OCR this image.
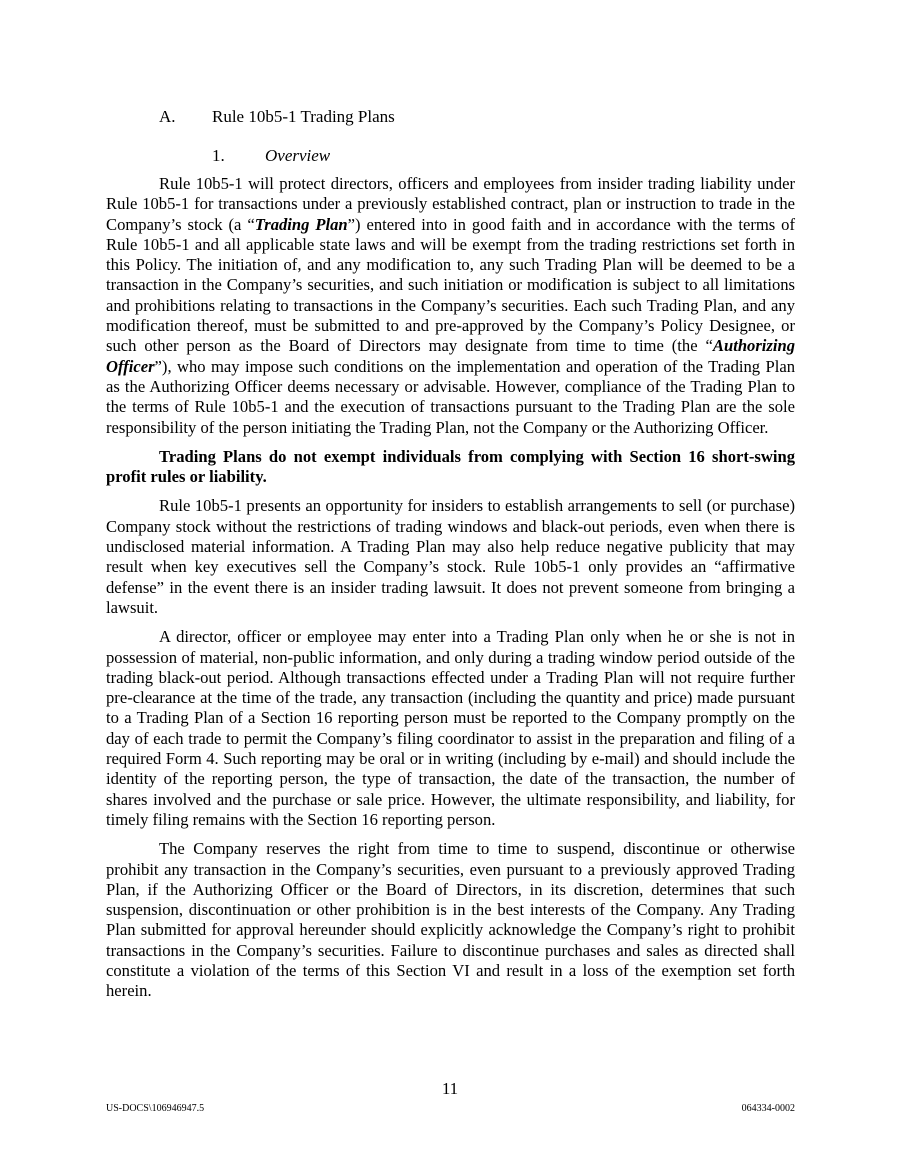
A. Rule 10b5-1 Trading Plans
1. Overview

Rule 10b5-1 will protect directors, officers and employees from insider trading liability under Rule 10b5-1 for transactions under a previously established contract, plan or instruction to trade in the Company’s stock (a “Trading Plan”) entered into in good faith and in accordance with the terms of Rule 10b5-1 and all applicable state laws and will be exempt from the trading restrictions set forth in this Policy. The initiation of, and any modification to, any such Trading Plan will be deemed to be a transaction in the Company’s securities, and such initiation or modification is subject to all limitations and prohibitions relating to transactions in the Company’s securities. Each such Trading Plan, and any modification thereof, must be submitted to and pre-approved by the Company’s Policy Designee, or such other person as the Board of Directors may designate from time to time (the “Authorizing Officer”), who may impose such conditions on the implementation and operation of the Trading Plan as the Authorizing Officer deems necessary or advisable. However, compliance of the Trading Plan to the terms of Rule 10b5-1 and the execution of transactions pursuant to the Trading Plan are the sole responsibility of the person initiating the Trading Plan, not the Company or the Authorizing Officer.

Trading Plans do not exempt individuals from complying with Section 16 short-swing profit rules or liability.

Rule 10b5-1 presents an opportunity for insiders to establish arrangements to sell (or purchase) Company stock without the restrictions of trading windows and black-out periods, even when there is undisclosed material information. A Trading Plan may also help reduce negative publicity that may result when key executives sell the Company’s stock. Rule 10b5-1 only provides an “affirmative defense” in the event there is an insider trading lawsuit. It does not prevent someone from bringing a lawsuit.

A director, officer or employee may enter into a Trading Plan only when he or she is not in possession of material, non-public information, and only during a trading window period outside of the trading black-out period. Although transactions effected under a Trading Plan will not require further pre-clearance at the time of the trade, any transaction (including the quantity and price) made pursuant to a Trading Plan of a Section 16 reporting person must be reported to the Company promptly on the day of each trade to permit the Company’s filing coordinator to assist in the preparation and filing of a required Form 4. Such reporting may be oral or in writing (including by e-mail) and should include the identity of the reporting person, the type of transaction, the date of the transaction, the number of shares involved and the purchase or sale price. However, the ultimate responsibility, and liability, for timely filing remains with the Section 16 reporting person.

The Company reserves the right from time to time to suspend, discontinue or otherwise prohibit any transaction in the Company’s securities, even pursuant to a previously approved Trading Plan, if the Authorizing Officer or the Board of Directors, in its discretion, determines that such suspension, discontinuation or other prohibition is in the best interests of the Company. Any Trading Plan submitted for approval hereunder should explicitly acknowledge the Company’s right to prohibit transactions in the Company’s securities. Failure to discontinue purchases and sales as directed shall constitute a violation of the terms of this Section VI and result in a loss of the exemption set forth herein.

11
US-DOCS\106946947.5	064334-0002
